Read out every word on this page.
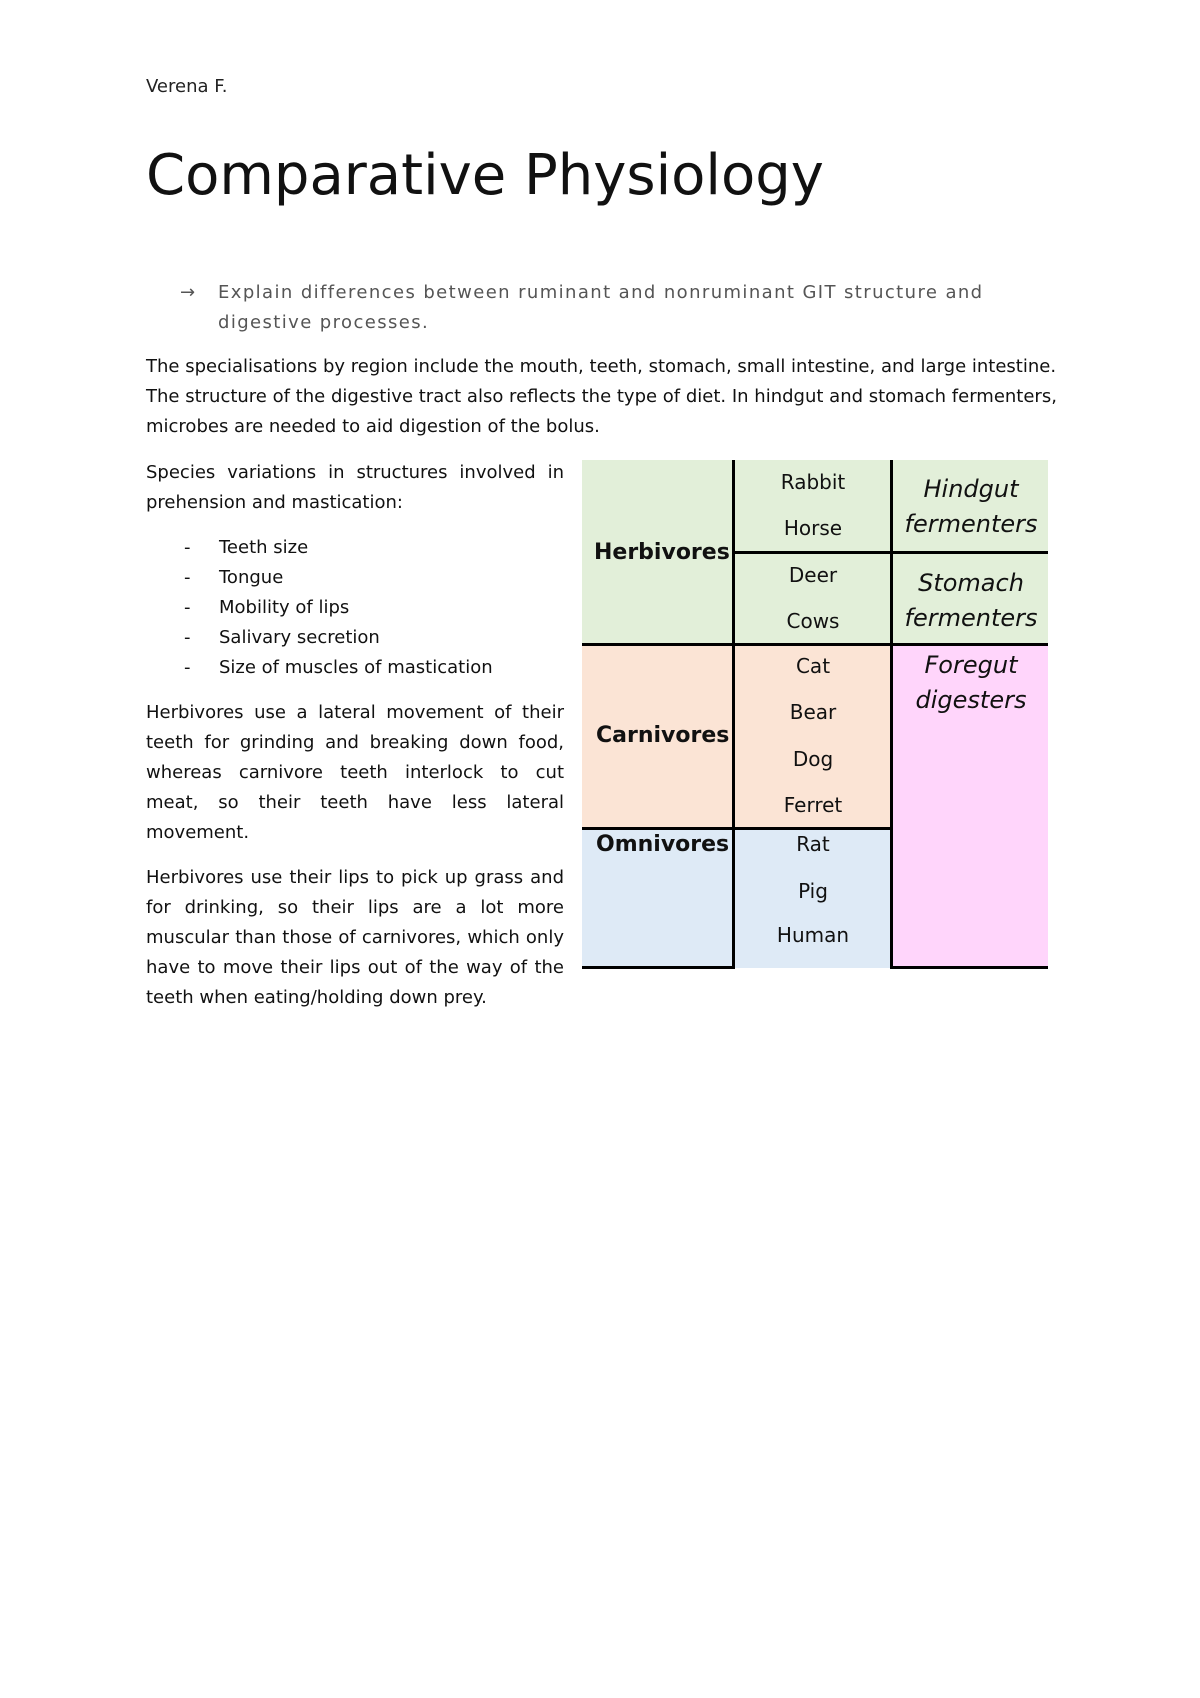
Verena F.
Comparative Physiology
→ Explain differences between ruminant and nonruminant GIT structure and digestive processes.
The specialisations by region include the mouth, teeth, stomach, small intestine, and large intestine. The structure of the digestive tract also reflects the type of diet. In hindgut and stomach fermenters, microbes are needed to aid digestion of the bolus.

Species variations in structures involved in prehension and mastication:

- Teeth size
- Tongue
- Mobility of lips
- Salivary secretion
- Size of muscles of mastication

Herbivores use a lateral movement of their teeth for grinding and breaking down food, whereas carnivore teeth interlock to cut meat, so their teeth have less lateral movement.

Herbivores use their lips to pick up grass and for drinking, so their lips are a lot more muscular than those of carnivores, which only have to move their lips out of the way of the teeth when eating/holding down prey.

Herbivores
Carnivores
Omnivores
Rabbit
Horse
Deer
Cows
Cat
Bear
Dog
Ferret
Rat
Pig
Human
Hindgut
fermenters
Stomach
fermenters
Foregut
digesters
